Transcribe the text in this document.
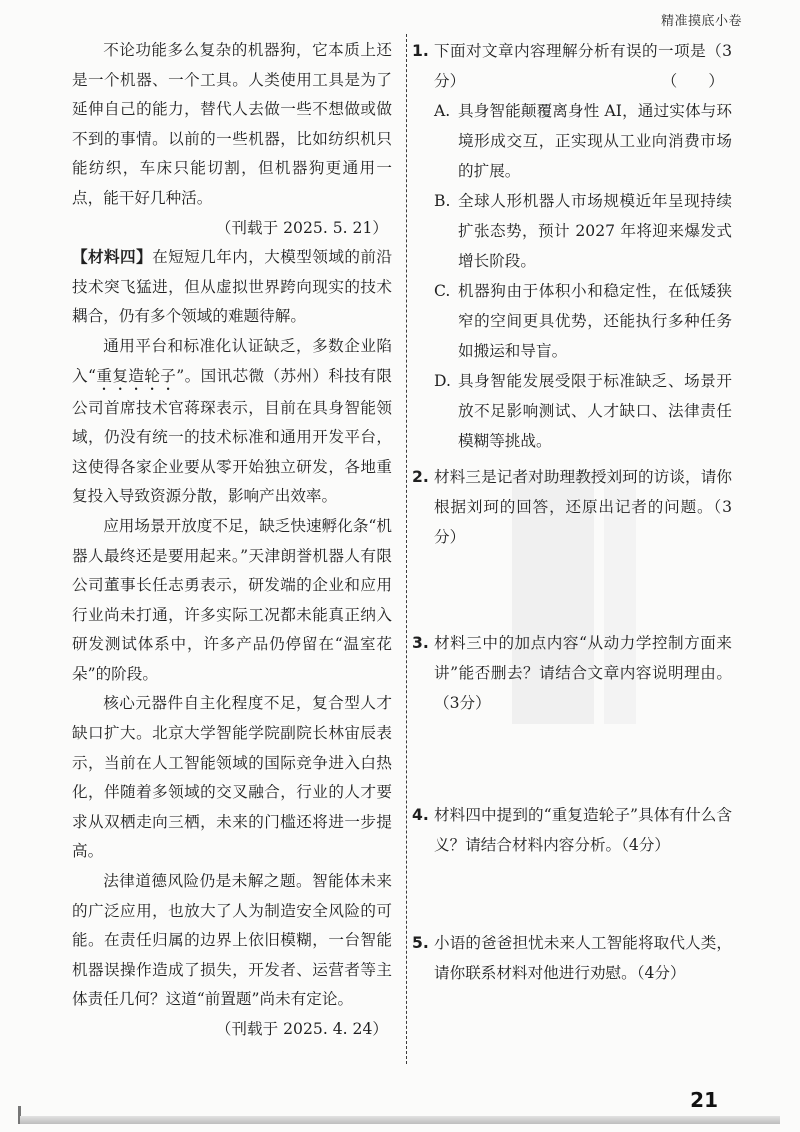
精准摸底小卷

不论功能多么复杂的机器狗，它本质上还是一个机器、一个工具。人类使用工具是为了延伸自己的能力，替代人去做一些不想做或做不到的事情。以前的一些机器，比如纺织机只能纺织，车床只能切割，但机器狗更通用一点，能干好几种活。

（刊载于 2025. 5. 21）

【材料四】在短短几年内，大模型领域的前沿技术突飞猛进，但从虚拟世界跨向现实的技术耦合，仍有多个领域的难题待解。

通用平台和标准化认证缺乏，多数企业陷入“重复造轮子”。国讯芯微（苏州）科技有限公司首席技术官蒋琛表示，目前在具身智能领域，仍没有统一的技术标准和通用开发平台，这使得各家企业要从零开始独立研发，各地重复投入导致资源分散，影响产出效率。

应用场景开放度不足，缺乏快速孵化条“机器人最终还是要用起来。”天津朗誉机器人有限公司董事长任志勇表示，研发端的企业和应用行业尚未打通，许多实际工况都未能真正纳入研发测试体系中，许多产品仍停留在“温室花朵”的阶段。

核心元器件自主化程度不足，复合型人才缺口扩大。北京大学智能学院副院长林宙辰表示，当前在人工智能领域的国际竞争进入白热化，伴随着多领域的交叉融合，行业的人才要求从双栖走向三栖，未来的门槛还将进一步提高。

法律道德风险仍是未解之题。智能体未来的广泛应用，也放大了人为制造安全风险的可能。在责任归属的边界上依旧模糊，一台智能机器误操作造成了损失，开发者、运营者等主体责任几何？这道“前置题”尚未有定论。

（刊载于 2025. 4. 24）

1. 下面对文章内容理解分析有误的一项是（3分）	（　　）
A. 具身智能颠覆离身性 AI，通过实体与环境形成交互，正实现从工业向消费市场的扩展。
B. 全球人形机器人市场规模近年呈现持续扩张态势，预计 2027 年将迎来爆发式增长阶段。
C. 机器狗由于体积小和稳定性，在低矮狭窄的空间更具优势，还能执行多种任务如搬运和导盲。
D. 具身智能发展受限于标准缺乏、场景开放不足影响测试、人才缺口、法律责任模糊等挑战。
2. 材料三是记者对助理教授刘珂的访谈，请你根据刘珂的回答，还原出记者的问题。（3分）
3. 材料三中的加点内容“从动力学控制方面来讲”能否删去？请结合文章内容说明理由。（3分）
4. 材料四中提到的“重复造轮子”具体有什么含义？请结合材料内容分析。（4分）
5. 小语的爸爸担忧未来人工智能将取代人类，请你联系材料对他进行劝慰。（4分）
21
